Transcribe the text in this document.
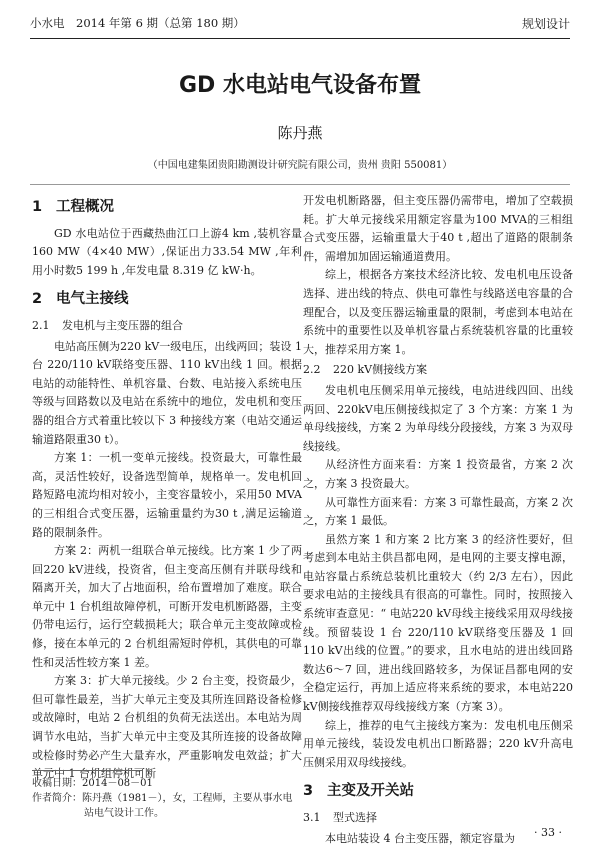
小水电　2014 年第 6 期（总第 180 期）	规划设计
GD 水电站电气设备布置
陈丹燕
（中国电建集团贵阳勘测设计研究院有限公司，贵州 贵阳 550081）
1 工程概况

GD 水电站位于西藏热曲江口上游4 km ,装机容量160 MW（4×40 MW）,保证出力33.54 MW ,年利用小时数5 199 h ,年发电量 8.319 亿 kW·h。

2 电气主接线
2.1 发电机与主变压器的组合

电站高压侧为220 kV一级电压，出线两回；装设 1 台 220/110 kV联络变压器、110 kV出线 1 回。根据电站的动能特性、单机容量、台数、电站接入系统电压等级与回路数以及电站在系统中的地位，发电机和变压器的组合方式着重比较以下 3 种接线方案（电站交通运输道路限重30 t）。

方案 1：一机一变单元接线。投资最大，可靠性最高，灵活性较好，设备选型简单，规格单一。发电机回路短路电流均相对较小，主变容量较小，采用50 MVA的三相组合式变压器，运输重量约为30 t ,满足运输道路的限制条件。

方案 2：两机一组联合单元接线。比方案 1 少了两回220 kV进线，投资省，但主变高压侧有并联母线和隔离开关，加大了占地面积，给布置增加了难度。联合单元中 1 台机组故障停机，可断开发电机断路器，主变仍带电运行，运行空载损耗大；联合单元主变故障或检修，接在本单元的 2 台机组需短时停机，其供电的可靠性和灵活性较方案 1 差。

方案 3：扩大单元接线。少 2 台主变，投资最少，但可靠性最差，当扩大单元主变及其所连回路设备检修或故障时，电站 2 台机组的负荷无法送出。本电站为周调节水电站，当扩大单元中主变及其所连接的设备故障或检修时势必产生大量弃水，严重影响发电效益；扩大单元中 1 台机组停机可断

开发电机断路器，但主变压器仍需带电，增加了空载损耗。扩大单元接线采用额定容量为100 MVA的三相组合式变压器，运输重量大于40 t ,超出了道路的限制条件，需增加加固运输通道费用。

综上，根据各方案技术经济比较、发电机电压设备选择、进出线的特点、供电可靠性与线路送电容量的合理配合，以及变压器运输重量的限制，考虑到本电站在系统中的重要性以及单机容量占系统装机容量的比重较大，推荐采用方案 1。

2.2 220 kV侧接线方案

发电机电压侧采用单元接线，电站进线四回、出线两回、220kV电压侧接线拟定了 3 个方案：方案 1 为单母线接线，方案 2 为单母线分段接线，方案 3 为双母线接线。

从经济性方面来看：方案 1 投资最省，方案 2 次之，方案 3 投资最大。

从可靠性方面来看：方案 3 可靠性最高，方案 2 次之，方案 1 最低。

虽然方案 1 和方案 2 比方案 3 的经济性要好，但考虑到本电站主供昌都电网，是电网的主要支撑电源，电站容量占系统总装机比重较大（约 2/3 左右），因此要求电站的主接线具有很高的可靠性。同时，按照接入系统审查意见：“ 电站220 kV母线主接线采用双母线接线。预留装设 1 台 220/110 kV联络变压器及 1 回110 kV出线的位置。”的要求，且水电站的进出线回路数达6～7 回，进出线回路较多，为保证昌都电网的安全稳定运行，再加上适应将来系统的要求，本电站220 kV侧接线推荐双母线接线方案（方案 3）。

综上，推荐的电气主接线方案为：发电机电压侧采用单元接线，装设发电机出口断路器；220 kV升高电压侧采用双母线接线。

3 主变及开关站
3.1 型式选择

本电站装设 4 台主变压器，额定容量为

收稿日期：2014－08－01
作者简介：陈丹燕（1981－），女，工程师，主要从事水电
站电气设计工作。
· 33 ·
